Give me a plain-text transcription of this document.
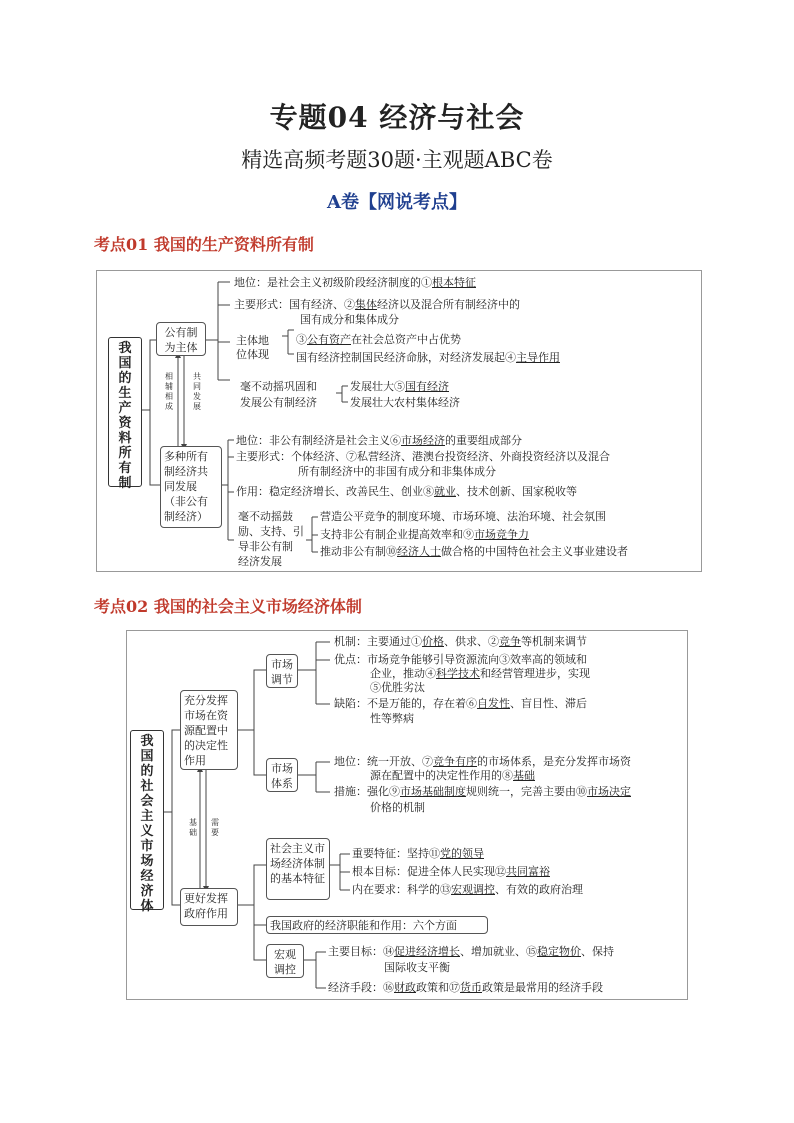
专题04 经济与社会
精选高频考题30题·主观题ABC卷
A卷【网说考点】
考点01 我国的生产资料所有制
我
国
的
生
产
资
料
所
有
制
公有制为主体
多种所有制经济共同发展（非公有制经济）
相辅相成
共同发展
地位：是社会主义初级阶段经济制度的①根本特征
主要形式：国有经济、②集体经济以及混合所有制经济中的
国有成分和集体成分
主体地
位体现
③公有资产在社会总资产中占优势
国有经济控制国民经济命脉，对经济发展起④主导作用
毫不动摇巩固和
发展公有制经济
发展壮大⑤国有经济
发展壮大农村集体经济
地位：非公有制经济是社会主义⑥市场经济的重要组成部分
主要形式：个体经济、⑦私营经济、港澳台投资经济、外商投资经济以及混合
所有制经济中的非国有成分和非集体成分
作用：稳定经济增长、改善民生、创业⑧就业、技术创新、国家税收等
毫不动摇鼓
励、支持、引
导非公有制
经济发展
营造公平竞争的制度环境、市场环境、法治环境、社会氛围
支持非公有制企业提高效率和⑨市场竞争力
推动非公有制⑩经济人士做合格的中国特色社会主义事业建设者
考点02 我国的社会主义市场经济体制
我
国
的
社
会
主
义
市
场
经
济
体
充分发挥市场在资源配置中的决定性作用
更好发挥政府作用
基础
需要
市场调节
市场体系
社会主义市场经济体制的基本特征
我国政府的经济职能和作用：六个方面
宏观调控
机制：主要通过①价格、供求、②竞争等机制来调节
优点：市场竞争能够引导资源流向③效率高的领域和
企业，推动④科学技术和经营管理进步，实现
⑤优胜劣汰
缺陷：不是万能的，存在着⑥自发性、盲目性、滞后
性等弊病
地位：统一开放、⑦竞争有序的市场体系，是充分发挥市场资
源在配置中的决定性作用的⑧基础
措施：强化⑨市场基础制度规则统一，完善主要由⑩市场决定
价格的机制
重要特征：坚持⑪党的领导
根本目标：促进全体人民实现⑫共同富裕
内在要求：科学的⑬宏观调控、有效的政府治理
主要目标：⑭促进经济增长、增加就业、⑮稳定物价、保持
国际收支平衡
经济手段：⑯财政政策和⑰货币政策是最常用的经济手段
